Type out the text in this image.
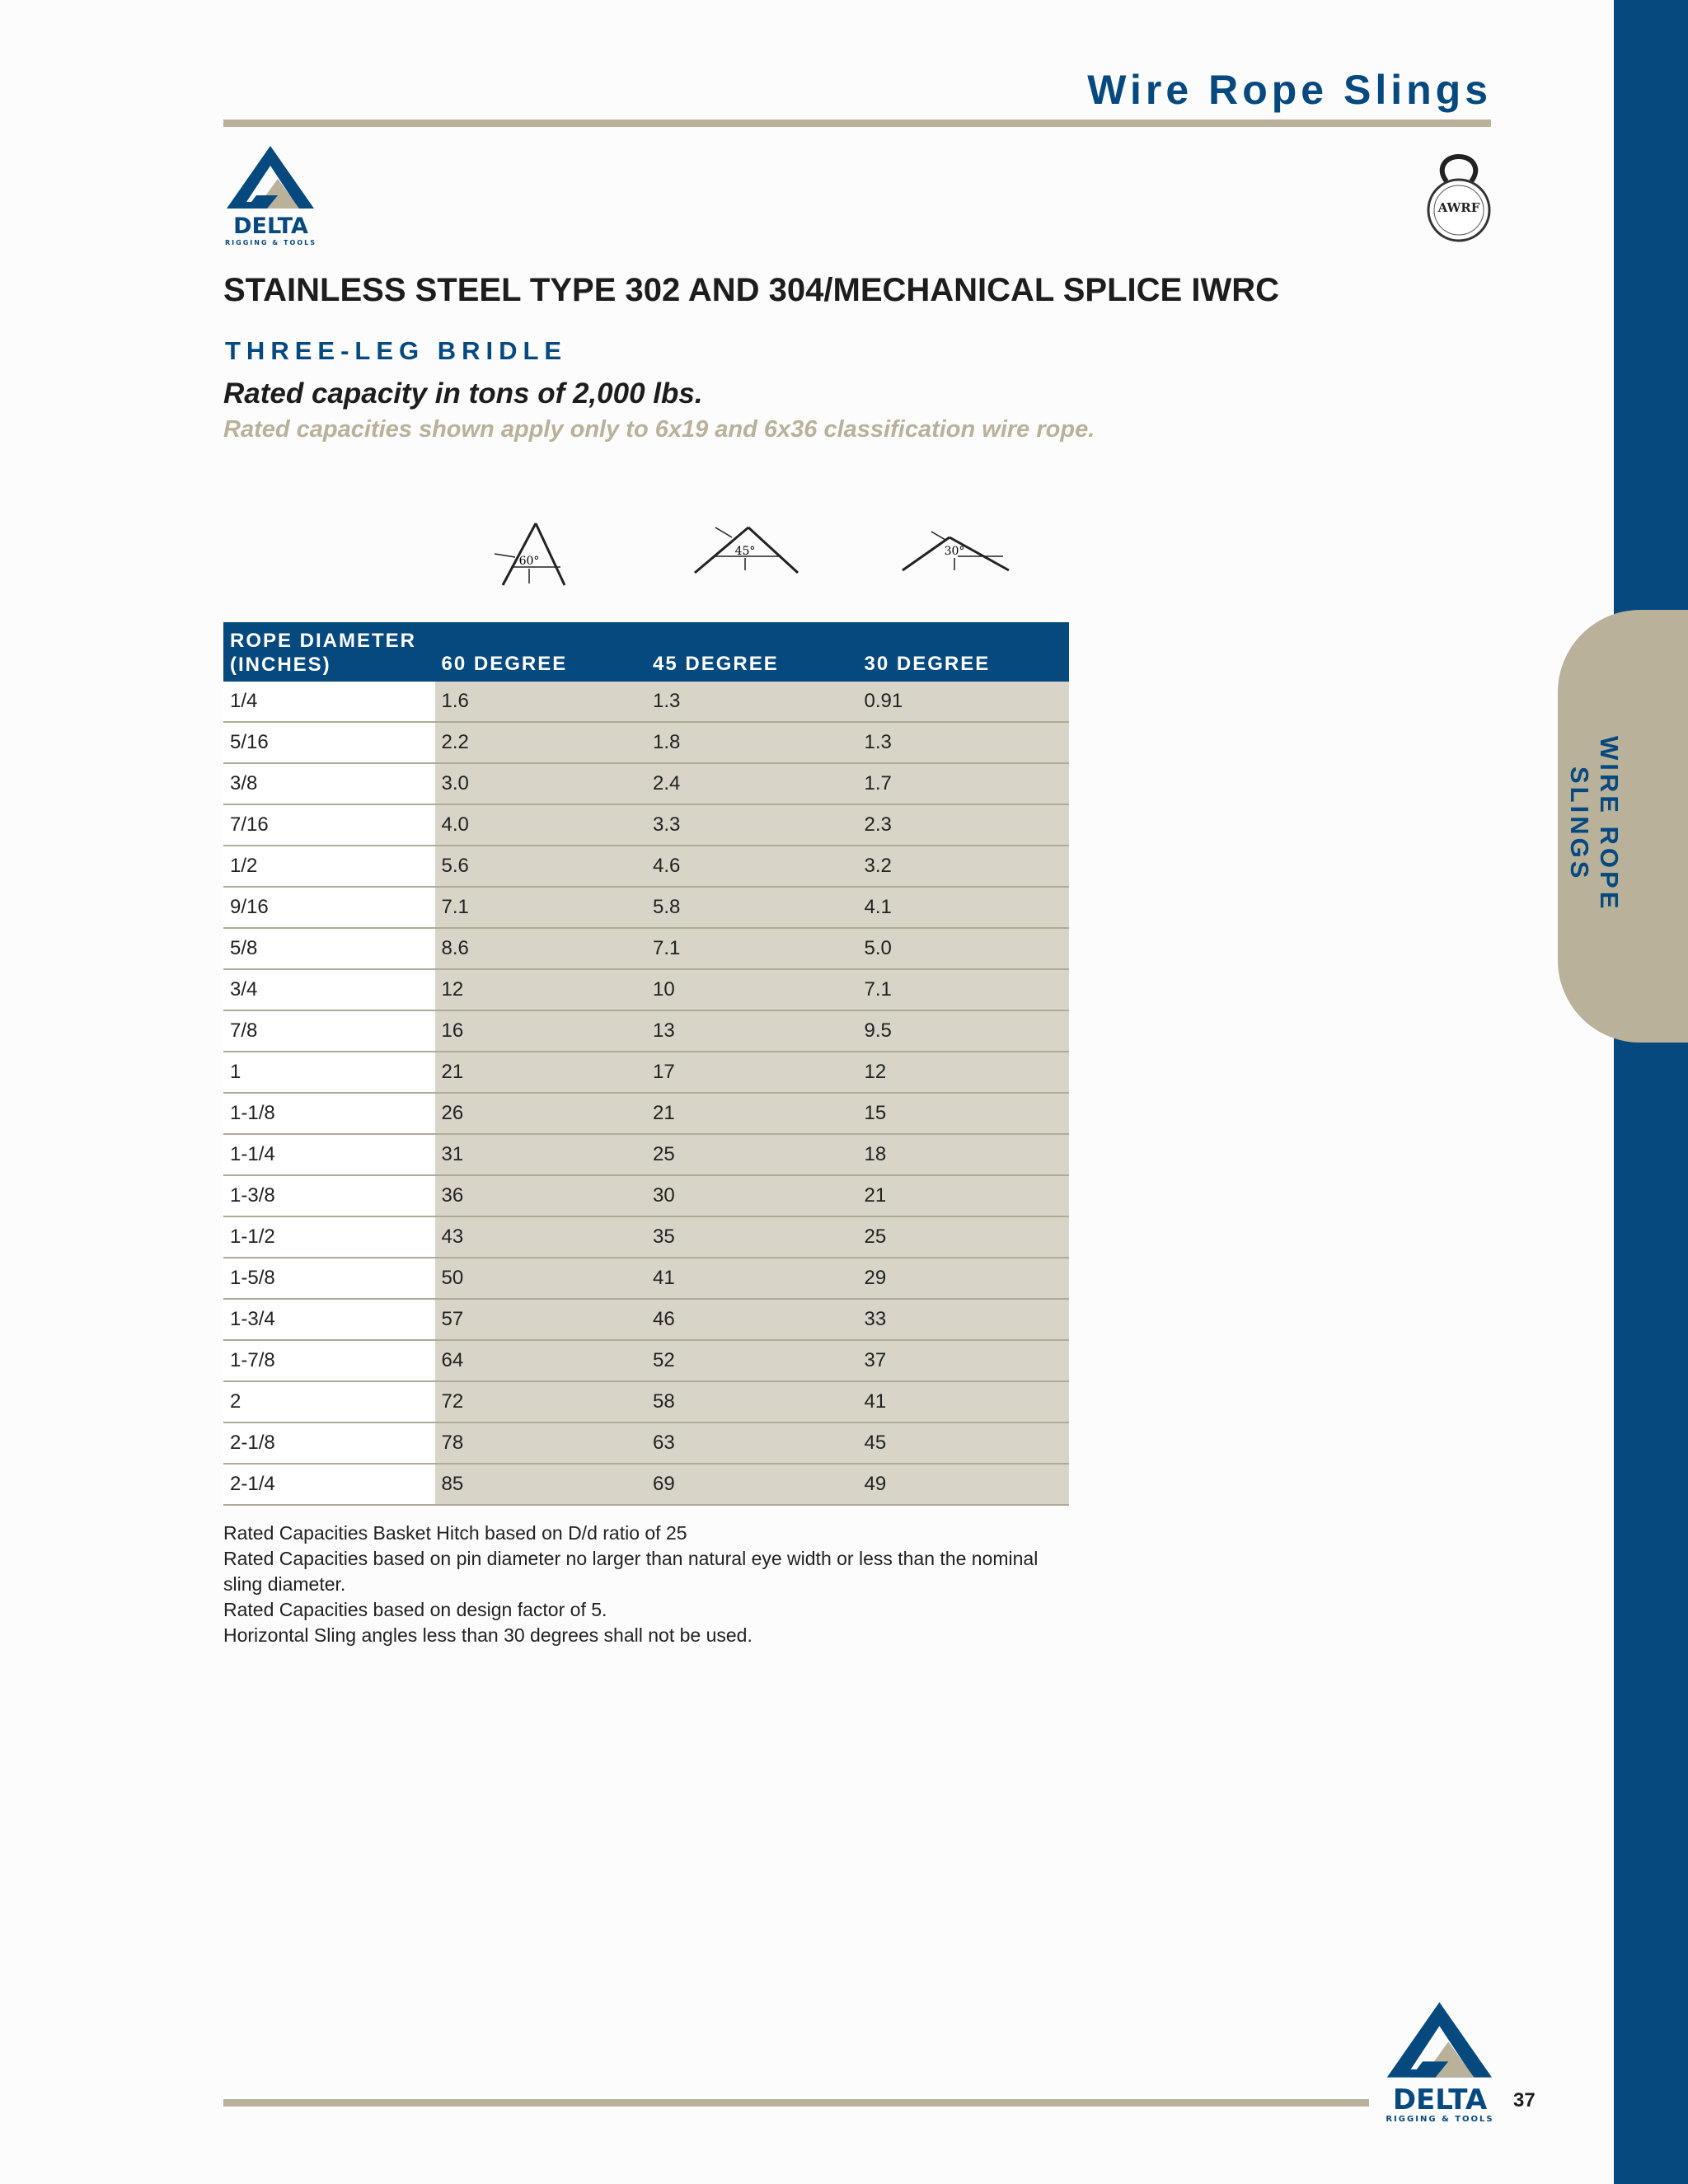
WIRE ROPE SLINGS
Wire Rope Slings
DELTA
RIGGING & TOOLS
AWRF
STAINLESS STEEL TYPE 302 AND 304/MECHANICAL SPLICE IWRC
THREE-LEG BRIDLE
Rated capacity in tons of 2,000 lbs.
Rated capacities shown apply only to 6x19 and 6x36 classification wire rope.
60°
45°	30°
ROPE DIAMETER
(INCHES)	60 DEGREE	45 DEGREE	30 DEGREE
1/4	1.6	1.3	0.91
5/16	2.2	1.8	1.3
3/8	3.0	2.4	1.7
7/16	4.0	3.3	2.3
1/2	5.6	4.6	3.2
9/16	7.1	5.8	4.1
5/8	8.6	7.1	5.0
3/4	12	10	7.1
7/8	16	13	9.5
1	21	17	12
1-1/8	26	21	15
1-1/4	31	25	18
1-3/8	36	30	21
1-1/2	43	35	25
1-5/8	50	41	29
1-3/4	57	46	33
1-7/8	64	52	37
2	72	58	41
2-1/8	78	63	45
2-1/4	85	69	49
Rated Capacities Basket Hitch based on D/d ratio of 25
Rated Capacities based on pin diameter no larger than natural eye width or less than the nominal sling diameter.
Rated Capacities based on design factor of 5.
Horizontal Sling angles less than 30 degrees shall not be used.
DELTA
RIGGING & TOOLS
37
